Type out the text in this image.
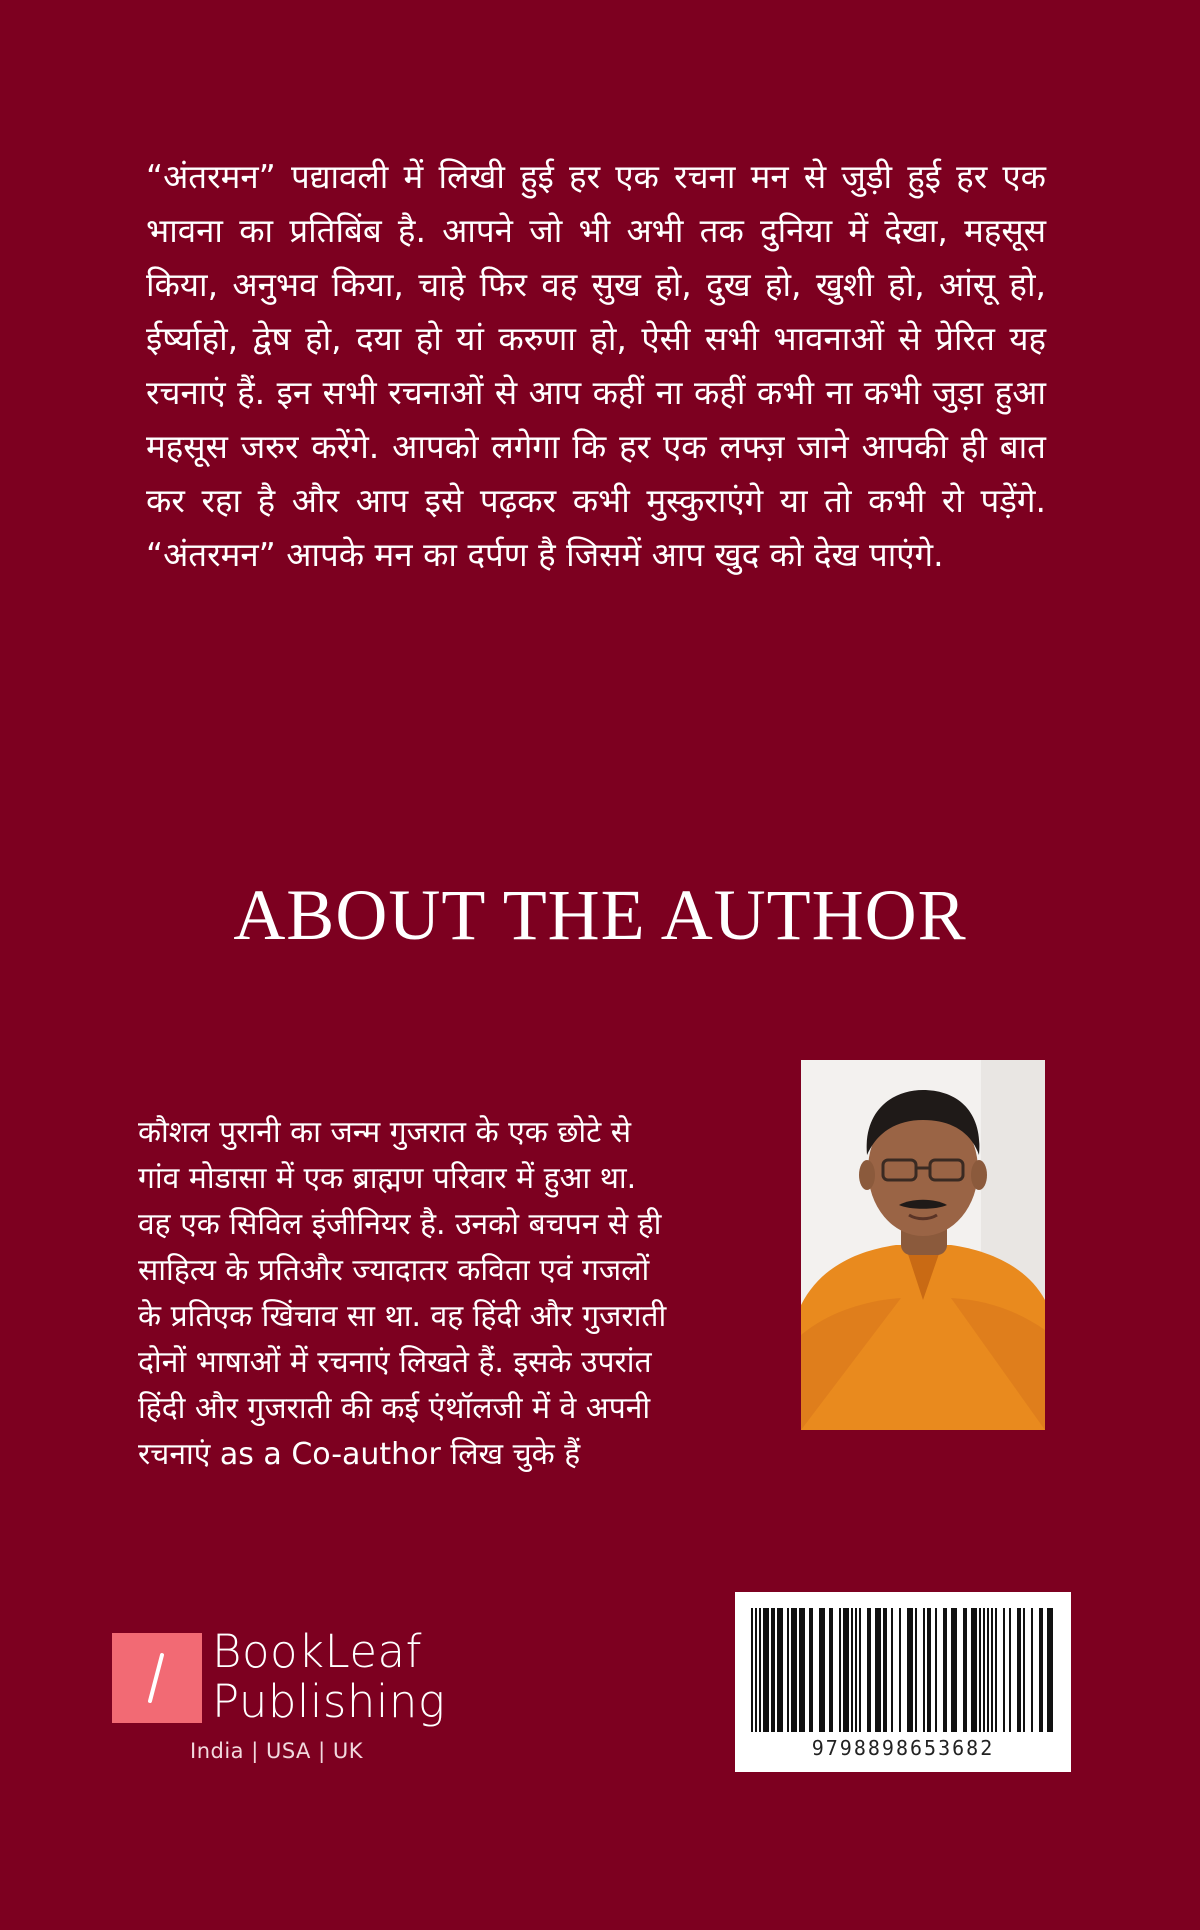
“अंतरमन” पद्यावली में लिखी हुई हर एक रचना मन से जुड़ी हुई हर एक भावना का प्रतिबिंब है. आपने जो भी अभी तक दुनिया में देखा, महसूस किया, अनुभव किया, चाहे फिर वह सुख हो, दुख हो, खुशी हो, आंसू हो, ईर्ष्याहो, द्वेष हो, दया हो यां करुणा हो, ऐसी सभी भावनाओं से प्रेरित यह रचनाएं हैं. इन सभी रचनाओं से आप कहीं ना कहीं कभी ना कभी जुड़ा हुआ महसूस जरुर करेंगे. आपको लगेगा कि हर एक लफ्ज़ जाने आपकी ही बात कर रहा है और आप इसे पढ़कर कभी मुस्कुराएंगे या तो कभी रो पड़ेंगे. “अंतरमन” आपके मन का दर्पण है जिसमें आप खुद को देख पाएंगे.

ABOUT THE AUTHOR
कौशल पुरानी का जन्म गुजरात के एक छोटे से
गांव मोडासा में एक ब्राह्मण परिवार में हुआ था.
वह एक सिविल इंजीनियर है. उनको बचपन से ही
साहित्य के प्रतिऔर ज्यादातर कविता एवं गजलों
के प्रतिएक खिंचाव सा था. वह हिंदी और गुजराती
दोनों भाषाओं में रचनाएं लिखते हैं. इसके उपरांत
हिंदी और गुजराती की कई एंथॉलजी में वे अपनी
रचनाएं as a Co-author लिख चुके हैं
BookLeaf
Publishing
India | USA | UK	9798898653682
